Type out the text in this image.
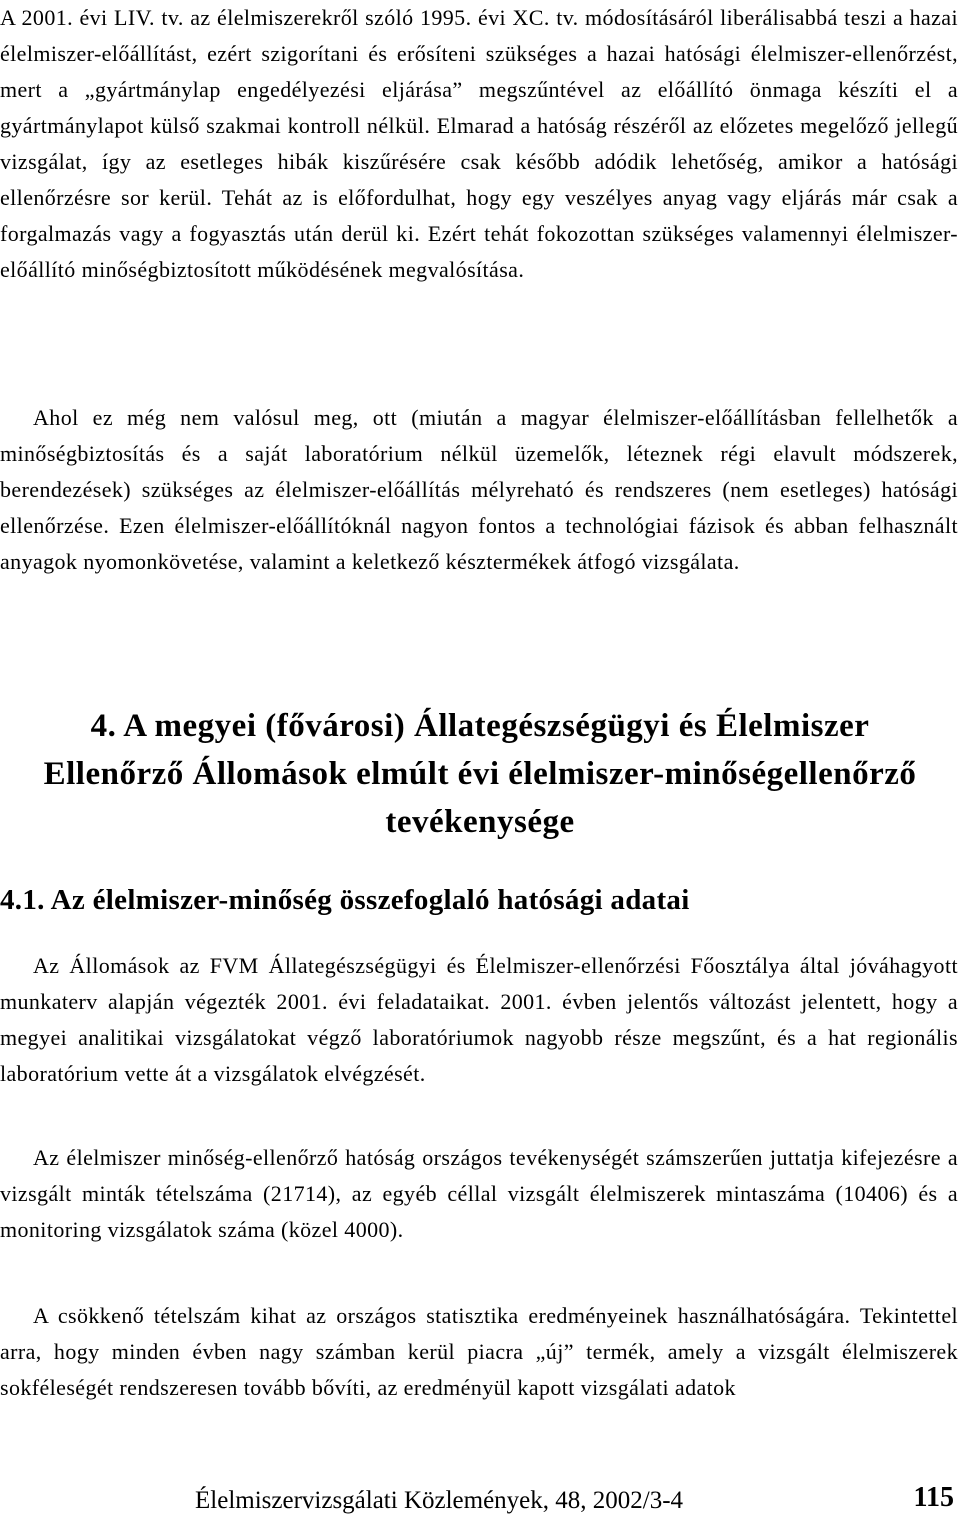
A 2001. évi LIV. tv. az élelmiszerekről szóló 1995. évi XC. tv. módosításáról liberálisabbá teszi a hazai élelmiszer-előállítást, ezért szigorítani és erősíteni szükséges a hazai hatósági élelmiszer-ellenőrzést, mert a „gyártmánylap engedélyezési eljárása” megszűntével az előállító önmaga készíti el a gyártmánylapot külső szakmai kontroll nélkül. Elmarad a hatóság részéről az előzetes megelőző jellegű vizsgálat, így az esetleges hibák kiszűrésére csak később adódik lehetőség, amikor a hatósági ellenőrzésre sor kerül. Tehát az is előfordulhat, hogy egy veszélyes anyag vagy eljárás már csak a forgalmazás vagy a fogyasztás után derül ki. Ezért tehát fokozottan szükséges valamennyi élelmiszer-előállító minőségbiztosított működésének megvalósítása.

Ahol ez még nem valósul meg, ott (miután a magyar élelmiszer-előállításban fellelhetők a minőségbiztosítás és a saját laboratórium nélkül üzemelők, léteznek régi elavult módszerek, berendezések) szükséges az élelmiszer-előállítás mélyreható és rendszeres (nem esetleges) hatósági ellenőrzése. Ezen élelmiszer-előállítóknál nagyon fontos a technológiai fázisok és abban felhasznált anyagok nyomonkövetése, valamint a keletkező késztermékek átfogó vizsgálata.

4. A megyei (fővárosi) Állategészségügyi és Élelmiszer Ellenőrző Állomások elmúlt évi élelmiszer-minőségellenőrző tevékenysége
4.1. Az élelmiszer-minőség összefoglaló hatósági adatai

Az Állomások az FVM Állategészségügyi és Élelmiszer-ellenőrzési Főosztálya által jóváhagyott munkaterv alapján végezték 2001. évi feladataikat. 2001. évben jelentős változást jelentett, hogy a megyei analitikai vizsgálatokat végző laboratóriumok nagyobb része megszűnt, és a hat regionális laboratórium vette át a vizsgálatok elvégzését.

Az élelmiszer minőség-ellenőrző hatóság országos tevékenységét számszerűen juttatja kifejezésre a vizsgált minták tételszáma (21714), az egyéb céllal vizsgált élelmiszerek mintaszáma (10406) és a monitoring vizsgálatok száma (közel 4000).

A csökkenő tételszám kihat az országos statisztika eredményeinek használhatóságára. Tekintettel arra, hogy minden évben nagy számban kerül piacra „új” termék, amely a vizsgált élelmiszerek sokféleségét rendszeresen tovább bővíti, az eredményül kapott vizsgálati adatok

Élelmiszervizsgálati Közlemények, 48, 2002/3-4	115
